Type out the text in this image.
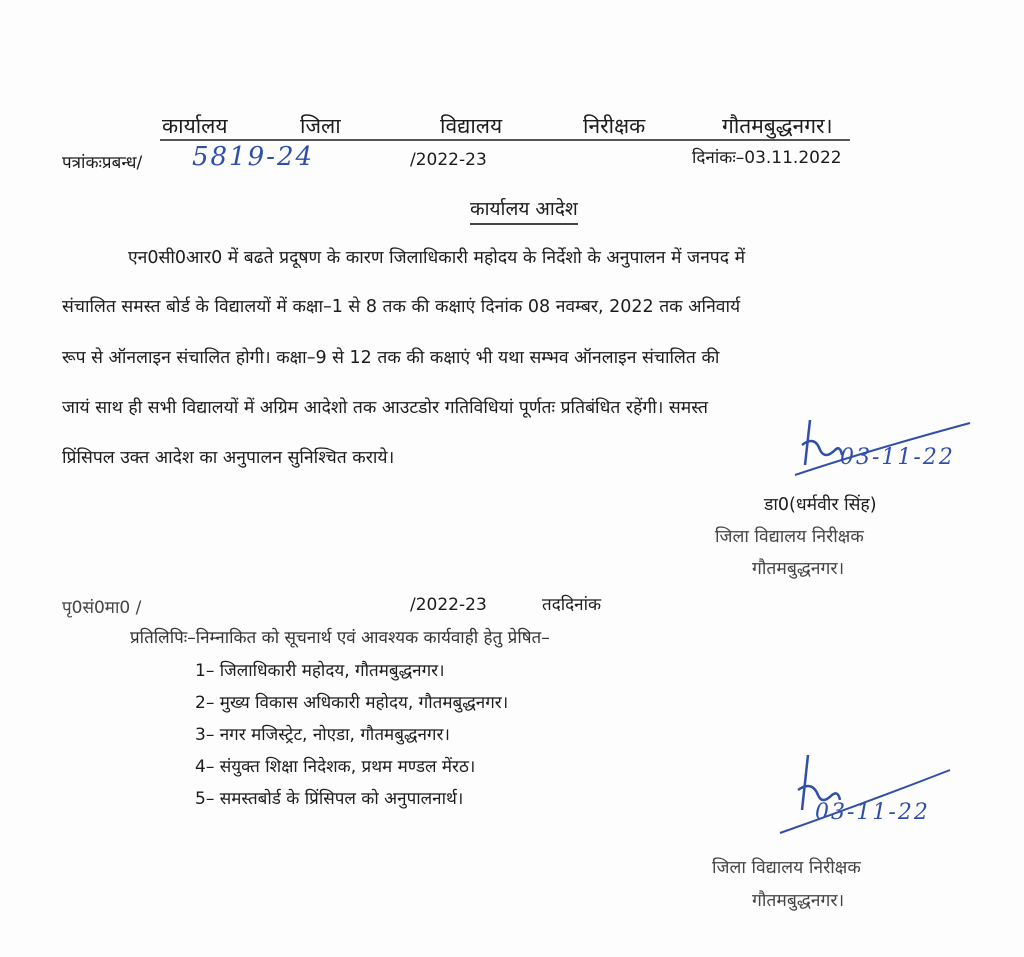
कार्यालय	जिला	विद्यालय	निरीक्षक	गौतमबुद्धनगर।
पत्रांकःप्रबन्ध/ 5819-24	/2022-23	दिनांकः–03.11.2022
कार्यालय आदेश
एन0सी0आर0 में बढते प्रदूषण के कारण जिलाधिकारी महोदय के निर्देशो के अनुपालन में जनपद में
संचालित समस्त बोर्ड के विद्यालयों में कक्षा–1 से 8 तक की कक्षाएं दिनांक 08 नवम्बर, 2022 तक अनिवार्य
रूप से ऑनलाइन संचालित होगी। कक्षा–9 से 12 तक की कक्षाएं भी यथा सम्भव ऑनलाइन संचालित की
जायं साथ ही सभी विद्यालयों में अग्रिम आदेशो तक आउटडोर गतिविधियां पूर्णतः प्रतिबंधित रहेंगी। समस्त
प्रिंसिपल उक्त आदेश का अनुपालन सुनिश्चित कराये।	03-11-22
डा0(धर्मवीर सिंह)
जिला विद्यालय निरीक्षक
गौतमबुद्धनगर।
पृ0सं0मा0 /	/2022-23	तददिनांक
प्रतिलिपिः–निम्नाकित को सूचनार्थ एवं आवश्यक कार्यवाही हेतु प्रेषित–
1– जिलाधिकारी महोदय, गौतमबुद्धनगर।
2– मुख्य विकास अधिकारी महोदय, गौतमबुद्धनगर।
3– नगर मजिस्ट्रेट, नोएडा, गौतमबुद्धनगर।
4– संयुक्त शिक्षा निदेशक, प्रथम मण्डल मेंरठ।
5– समस्तबोर्ड के प्रिंसिपल को अनुपालनार्थ।
03-11-22
जिला विद्यालय निरीक्षक
गौतमबुद्धनगर।
